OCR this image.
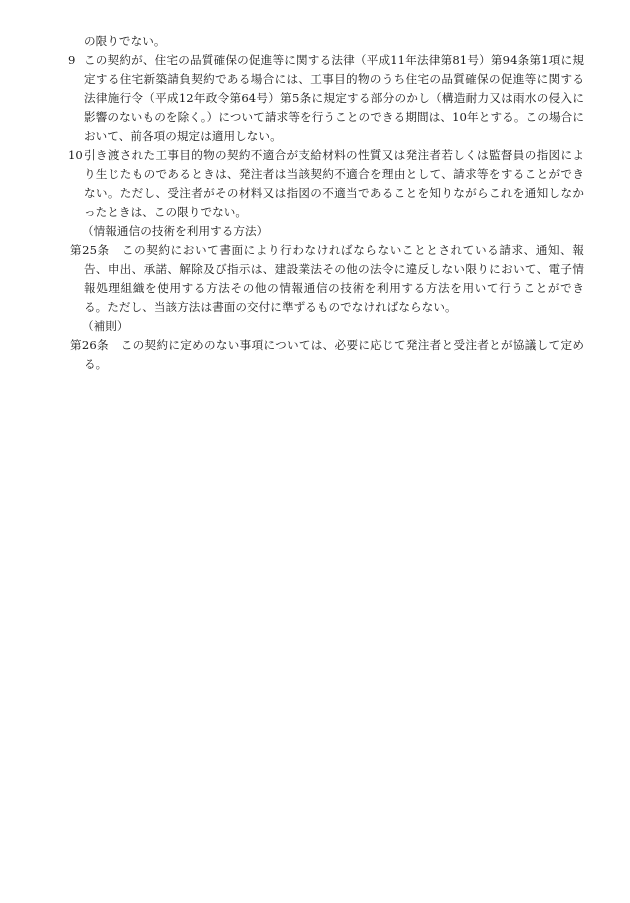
の限りでない。

9 この契約が、住宅の品質確保の促進等に関する法律（平成11年法律第81号）第94条第1項に規定する住宅新築請負契約である場合には、工事目的物のうち住宅の品質確保の促進等に関する法律施行令（平成12年政令第64号）第5条に規定する部分のかし（構造耐力又は雨水の侵入に影響のないものを除く。）について請求等を行うことのできる期間は、10年とする。この場合において、前各項の規定は適用しない。

10 引き渡された工事目的物の契約不適合が支給材料の性質又は発注者若しくは監督員の指図により生じたものであるときは、発注者は当該契約不適合を理由として、請求等をすることができない。ただし、受注者がその材料又は指図の不適当であることを知りながらこれを通知しなかったときは、この限りでない。

（情報通信の技術を利用する方法）

第25条　 この契約において書面により行わなければならないこととされている請求、通知、報告、申出、承諾、解除及び指示は、建設業法その他の法令に違反しない限りにおいて、電子情報処理組織を使用する方法その他の情報通信の技術を利用する方法を用いて行うことができる。ただし、当該方法は書面の交付に準ずるものでなければならない。

（補則）

第26条　 この契約に定めのない事項については、必要に応じて発注者と受注者とが協議して定める。
